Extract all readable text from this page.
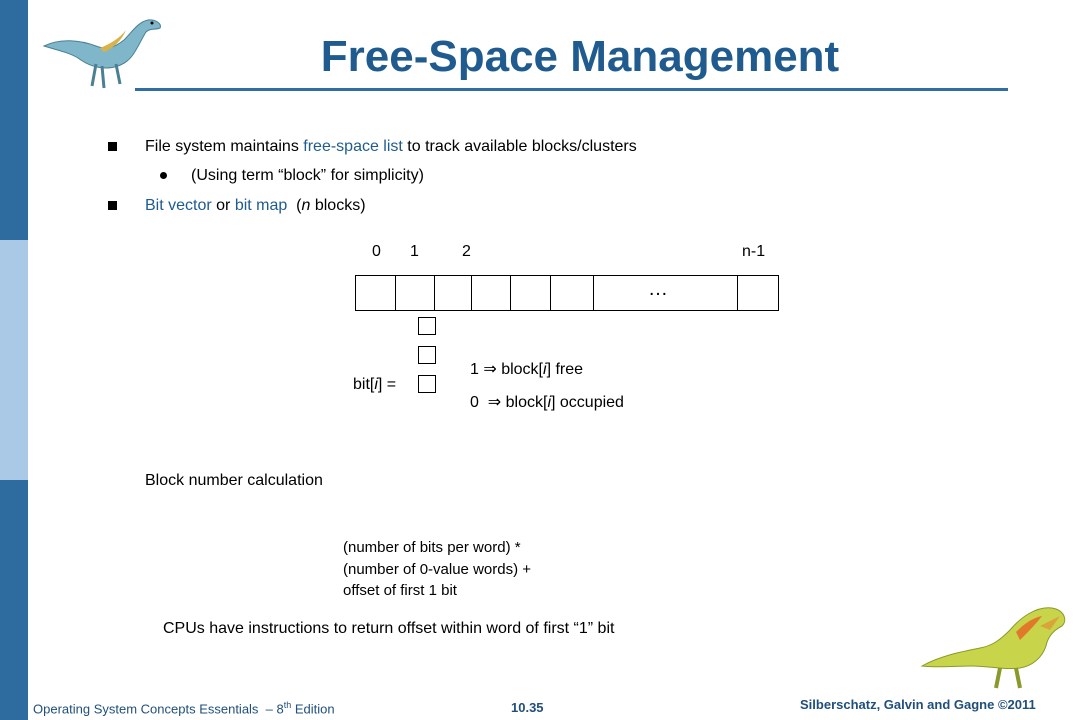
Free-Space Management
File system maintains free-space list to track available blocks/clusters
(Using term “block” for simplicity)
Bit vector or bit map  (n blocks)
0 1	2	n-1
…
bit[i] =
1 ⇒ block[i] free
0  ⇒ block[i] occupied
Block number calculation
(number of bits per word) *
(number of 0-value words) +
offset of first 1 bit
CPUs have instructions to return offset within word of first “1” bit
Operating System Concepts Essentials  – 8th Edition	10.35	Silberschatz, Galvin and Gagne ©2011
